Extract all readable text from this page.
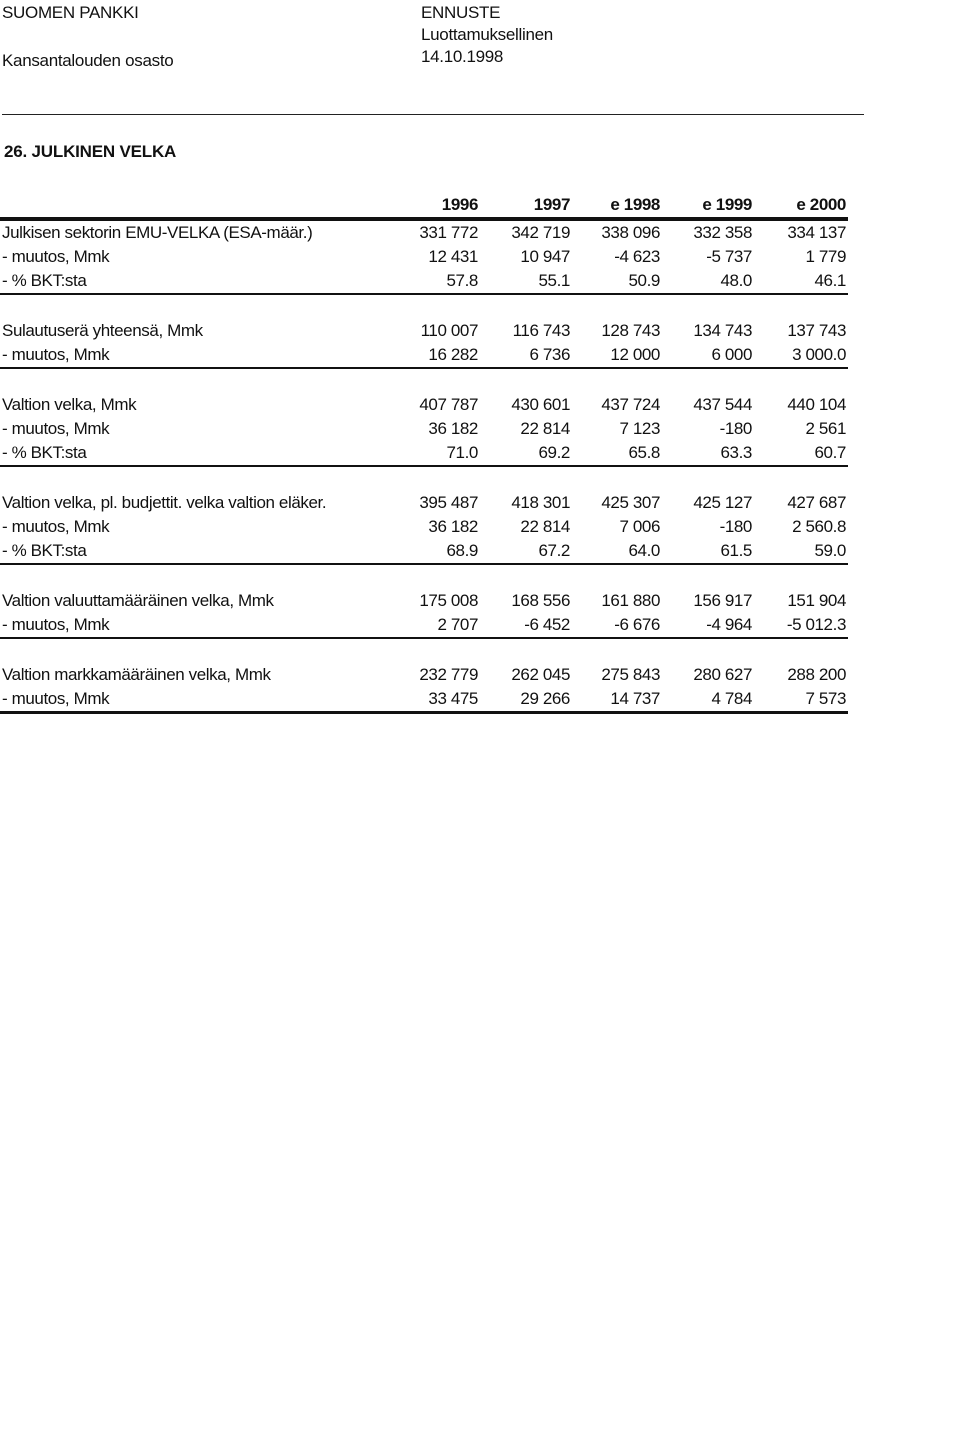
SUOMEN PANKKI
Kansantalouden osasto
ENNUSTE
Luottamuksellinen
14.10.1998
26. JULKINEN VELKA
1996	1997	e 1998	e 1999	e 2000
Julkisen sektorin EMU-VELKA (ESA-määr.)	331 772	342 719	338 096	332 358	334 137
- muutos, Mmk	12 431	10 947	-4 623	-5 737	1 779
- % BKT:sta	57.8	55.1	50.9	48.0	46.1
Sulautuserä yhteensä, Mmk	110 007	116 743	128 743	134 743	137 743
- muutos, Mmk	16 282	6 736	12 000	6 000	3 000.0
Valtion velka, Mmk	407 787	430 601	437 724	437 544	440 104
- muutos, Mmk	36 182	22 814	7 123	-180	2 561
- % BKT:sta	71.0	69.2	65.8	63.3	60.7
Valtion velka, pl. budjettit. velka valtion eläker.	395 487	418 301	425 307	425 127	427 687
- muutos, Mmk	36 182	22 814	7 006	-180	2 560.8
- % BKT:sta	68.9	67.2	64.0	61.5	59.0
Valtion valuuttamääräinen velka, Mmk	175 008	168 556	161 880	156 917	151 904
- muutos, Mmk	2 707	-6 452	-6 676	-4 964	-5 012.3
Valtion markkamääräinen velka, Mmk	232 779	262 045	275 843	280 627	288 200
- muutos, Mmk	33 475	29 266	14 737	4 784	7 573
